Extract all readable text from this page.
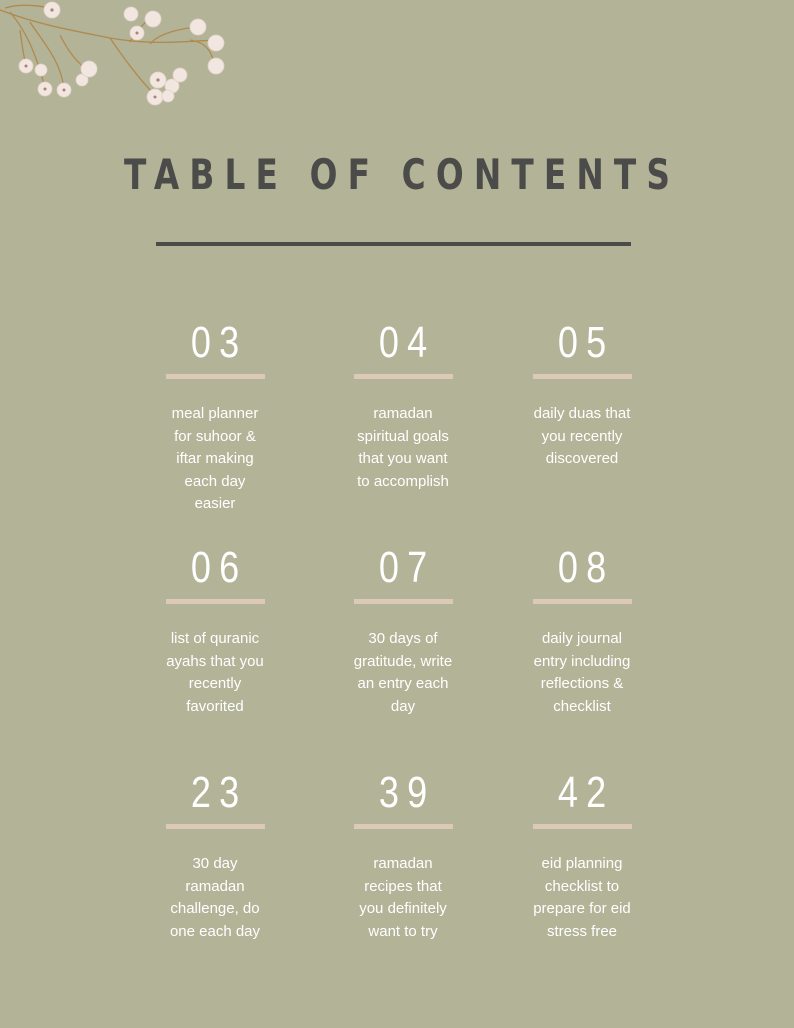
TABLE OF CONTENTS
03
meal planner for suhoor & iftar making each day easier
04
ramadan spiritual goals that you want to accomplish
05
daily duas that you recently discovered
06
list of quranic ayahs that you recently favorited
07
30 days of gratitude, write an entry each day
08
daily journal entry including reflections & checklist
23
30 day ramadan challenge, do one each day
39
ramadan recipes that you definitely want to try
42
eid planning checklist to prepare for eid stress free
